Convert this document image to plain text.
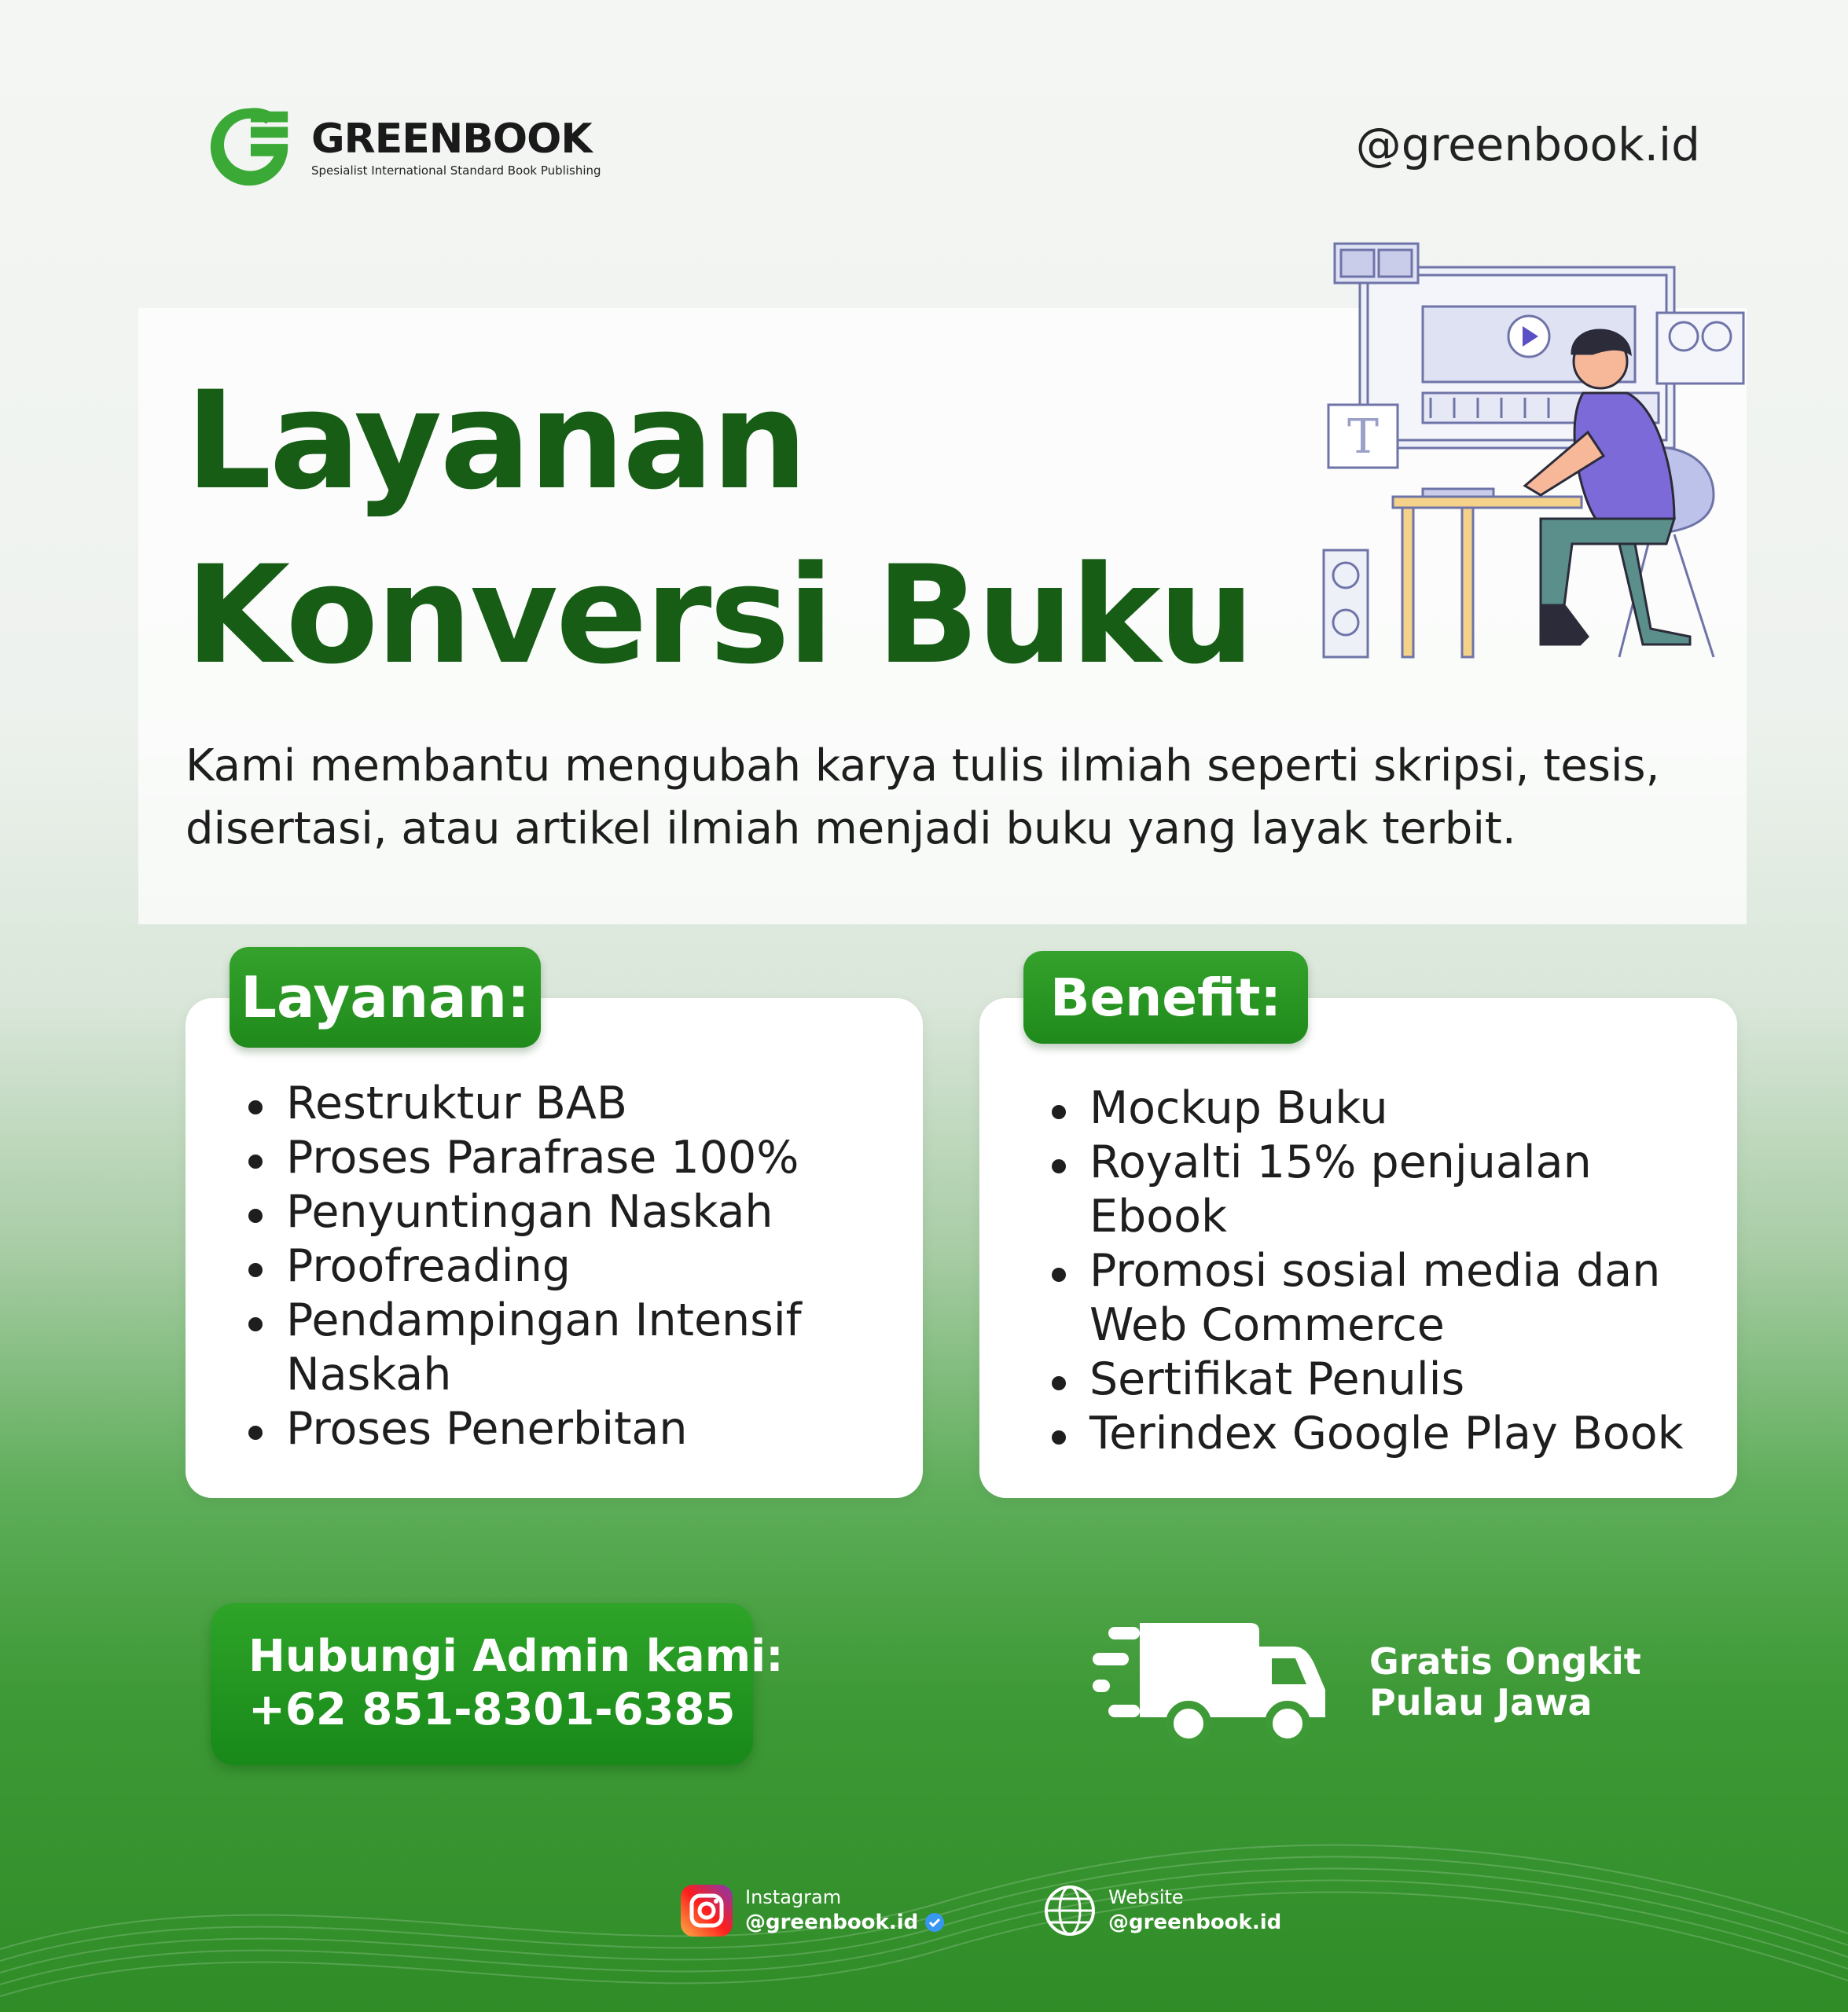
GREENBOOK
Spesialist International Standard Book Publishing	@greenbook.id
Layanan
Konversi Buku
T
Kami membantu mengubah karya tulis ilmiah seperti skripsi, tesis,
disertasi, atau artikel ilmiah menjadi buku yang layak terbit.
Layanan:
Restruktur BAB
Proses Parafrase 100%
Penyuntingan Naskah
Proofreading
Pendampingan Intensif Naskah
Proses Penerbitan
Benefit:
Mockup Buku
Royalti 15% penjualan Ebook
Promosi sosial media dan Web Commerce
Sertifikat Penulis
Terindex Google Play Book
Hubungi Admin kami:
+62 851-8301-6385
Gratis Ongkit
Pulau Jawa
Instagram
@greenbook.id
Website
@greenbook.id
